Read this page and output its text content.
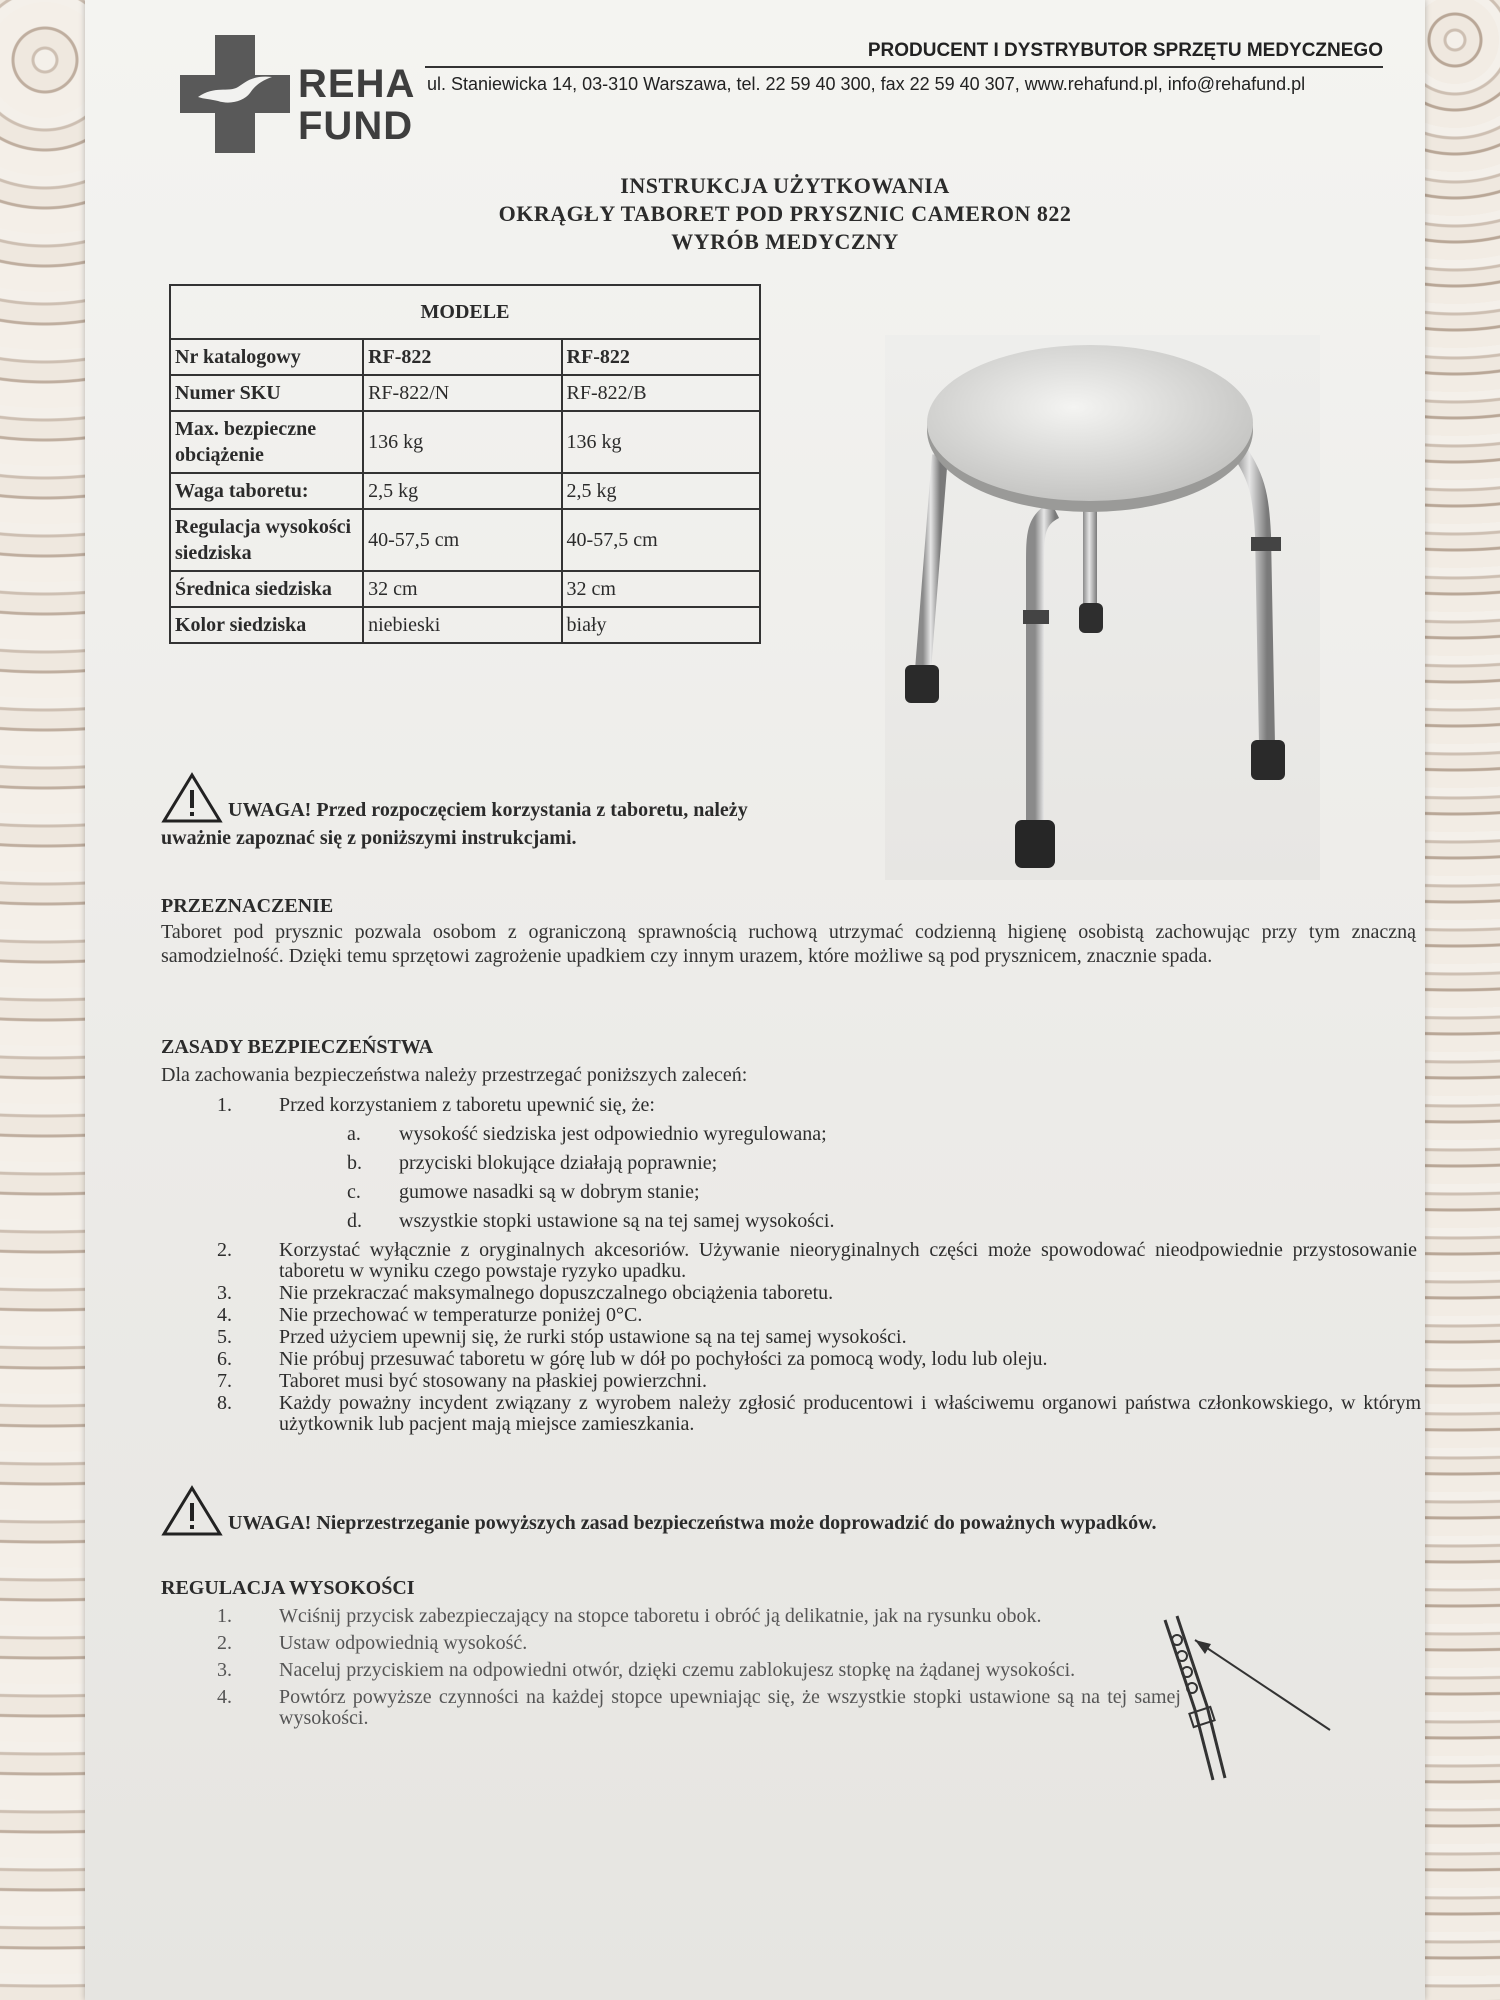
REHA
FUND
PRODUCENT I DYSTRYBUTOR SPRZĘTU MEDYCZNEGO
ul. Staniewicka 14, 03-310 Warszawa, tel. 22 59 40 300, fax 22 59 40 307, www.rehafund.pl, info@rehafund.pl
INSTRUKCJA UŻYTKOWANIA
OKRĄGŁY TABORET POD PRYSZNIC CAMERON 822
WYRÓB MEDYCZNY
MODELE		
Nr katalogowy	RF-822	RF-822
Numer SKU	RF-822/N	RF-822/B
Max. bezpieczne obciążenie	136 kg	136 kg
Waga taboretu:	2,5 kg	2,5 kg
Regulacja wysokości siedziska	40-57,5 cm	40-57,5 cm
Średnica siedziska	32 cm	32 cm
Kolor siedziska	niebieski	biały
UWAGA! Przed rozpoczęciem korzystania z taboretu, należy uważnie zapoznać się z poniższymi instrukcjami.
PRZEZNACZENIE
Taboret pod prysznic pozwala osobom z ograniczoną sprawnością ruchową utrzymać codzienną higienę osobistą zachowując przy tym znaczną samodzielność. Dzięki temu sprzętowi zagrożenie upadkiem czy innym urazem, które możliwe są pod prysznicem, znacznie spada.
ZASADY BEZPIECZEŃSTWA
Dla zachowania bezpieczeństwa należy przestrzegać poniższych zaleceń:
1. Przed korzystaniem z taboretu upewnić się, że:
a. wysokość siedziska jest odpowiednio wyregulowana;
b. przyciski blokujące działają poprawnie;
c. gumowe nasadki są w dobrym stanie;
d. wszystkie stopki ustawione są na tej samej wysokości.
2. Korzystać wyłącznie z oryginalnych akcesoriów. Używanie nieoryginalnych części może spowodować nieodpowiednie przystosowanie taboretu w wyniku czego powstaje ryzyko upadku.
3. Nie przekraczać maksymalnego dopuszczalnego obciążenia taboretu.
4. Nie przechować w temperaturze poniżej 0°C.
5. Przed użyciem upewnij się, że rurki stóp ustawione są na tej samej wysokości.
6. Nie próbuj przesuwać taboretu w górę lub w dół po pochyłości za pomocą wody, lodu lub oleju.
7. Taboret musi być stosowany na płaskiej powierzchni.
8. Każdy poważny incydent związany z wyrobem należy zgłosić producentowi i właściwemu organowi państwa członkowskiego, w którym użytkownik lub pacjent mają miejsce zamieszkania.
UWAGA! Nieprzestrzeganie powyższych zasad bezpieczeństwa może doprowadzić do poważnych wypadków.
REGULACJA WYSOKOŚCI
1. Wciśnij przycisk zabezpieczający na stopce taboretu i obróć ją delikatnie, jak na rysunku obok.
2. Ustaw odpowiednią wysokość.
3. Naceluj przyciskiem na odpowiedni otwór, dzięki czemu zablokujesz stopkę na żądanej wysokości.
4. Powtórz powyższe czynności na każdej stopce upewniając się, że wszystkie stopki ustawione są na tej samej wysokości.
